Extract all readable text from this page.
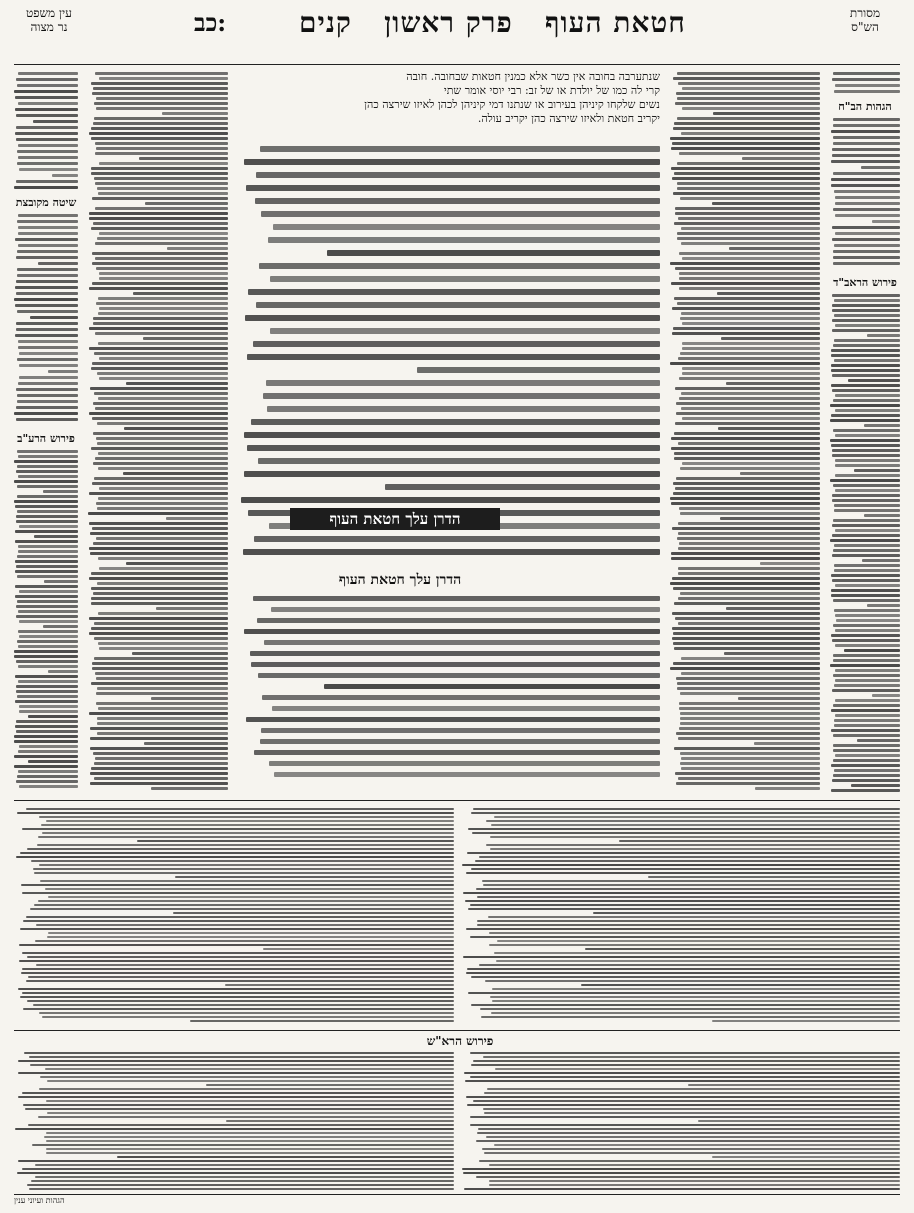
עין משפט
נר מצוה	כב:	חטאת העוף   פרק ראשון   קנים	מסורת
הש"ס
שיטה מקובצת
פירוש הרע"ב
שנתערבה בחובה אין כשר אלא כמנין חטאות שבחובה. חובה
קרי לה כמו של יולדת או של זב: רבי יוסי אומר שתי
נשים שלקחו קיניהן בעירוב או שנתנו דמי קיניהן לכהן לאיזו שירצה כהן
יקריב חטאת ולאיזו שירצה כהן יקריב עולה.
הדרן עלך חטאת העוף
הדרן עלך חטאת העוף
הגהות הב"ח
פירוש הראב"ד
פירוש הרא"ש
הגהות ועיוני ענין
